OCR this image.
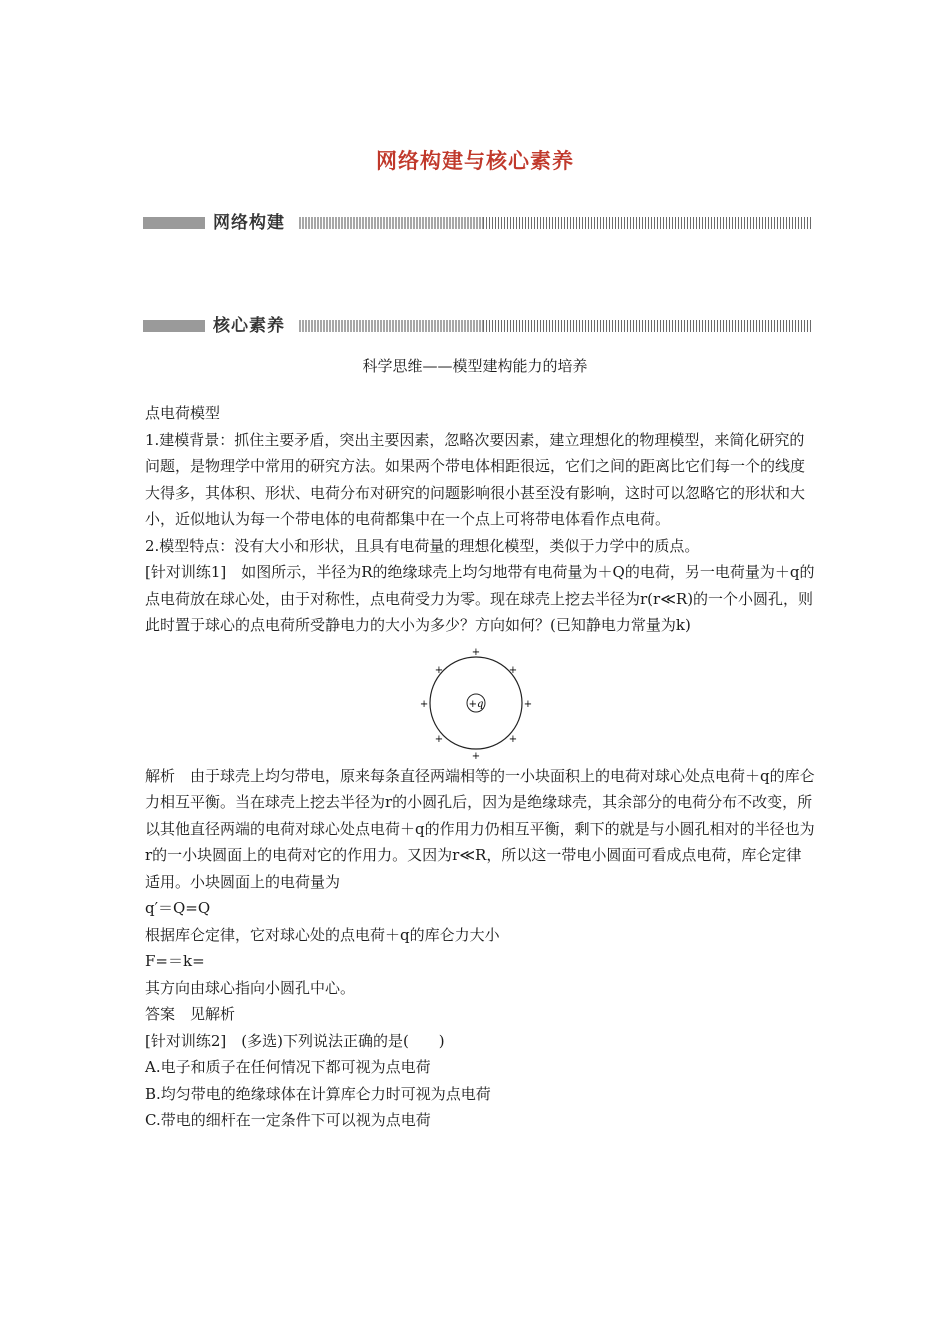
网络构建与核心素养
网络构建
核心素养
科学思维——模型建构能力的培养

点电荷模型

1.建模背景：抓住主要矛盾，突出主要因素，忽略次要因素，建立理想化的物理模型，来简化研究的问题，是物理学中常用的研究方法。如果两个带电体相距很远，它们之间的距离比它们每一个的线度大得多，其体积、形状、电荷分布对研究的问题影响很小甚至没有影响，这时可以忽略它的形状和大小，近似地认为每一个带电体的电荷都集中在一个点上可将带电体看作点电荷。

2.模型特点：没有大小和形状，且具有电荷量的理想化模型，类似于力学中的质点。

[针对训练1]　如图所示，半径为R的绝缘球壳上均匀地带有电荷量为＋Q的电荷，另一电荷量为＋q的点电荷放在球心处，由于对称性，点电荷受力为零。现在球壳上挖去半径为r(r≪R)的一个小圆孔，则此时置于球心的点电荷所受静电力的大小为多少？方向如何？(已知静电力常量为k)

+q
+
+
+	+
+	+
+	+

解析　由于球壳上均匀带电，原来每条直径两端相等的一小块面积上的电荷对球心处点电荷＋q的库仑力相互平衡。当在球壳上挖去半径为r的小圆孔后，因为是绝缘球壳，其余部分的电荷分布不改变，所以其他直径两端的电荷对球心处点电荷＋q的作用力仍相互平衡，剩下的就是与小圆孔相对的半径也为r的一小块圆面上的电荷对它的作用力。又因为r≪R，所以这一带电小圆面可看成点电荷，库仑定律适用。小块圆面上的电荷量为

q′＝Q=Q

根据库仑定律，它对球心处的点电荷＋q的库仑力大小

F=＝k=

其方向由球心指向小圆孔中心。

答案　见解析

[针对训练2]　(多选)下列说法正确的是(　　)

A.电子和质子在任何情况下都可视为点电荷

B.均匀带电的绝缘球体在计算库仑力时可视为点电荷

C.带电的细杆在一定条件下可以视为点电荷
